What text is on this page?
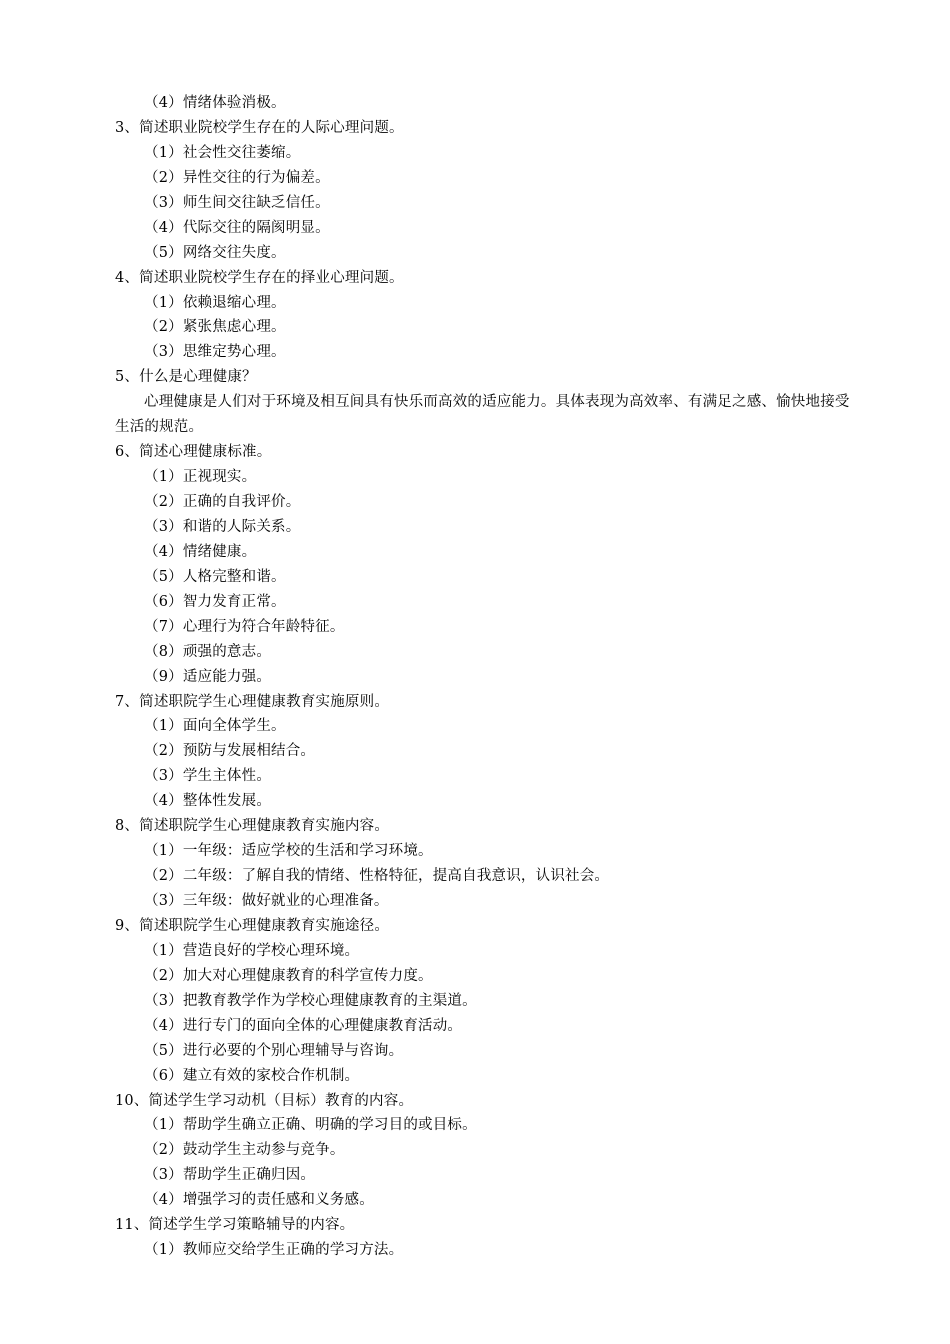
（4）情绪体验消极。
3、简述职业院校学生存在的人际心理问题。
（1）社会性交往萎缩。
（2）异性交往的行为偏差。
（3）师生间交往缺乏信任。
（4）代际交往的隔阂明显。
（5）网络交往失度。
4、简述职业院校学生存在的择业心理问题。
（1）依赖退缩心理。
（2）紧张焦虑心理。
（3）思维定势心理。
5、什么是心理健康？
心理健康是人们对于环境及相互间具有快乐而高效的适应能力。具体表现为高效率、有满足之感、愉快地接受生活的规范。
6、简述心理健康标准。
（1）正视现实。
（2）正确的自我评价。
（3）和谐的人际关系。
（4）情绪健康。
（5）人格完整和谐。
（6）智力发育正常。
（7）心理行为符合年龄特征。
（8）顽强的意志。
（9）适应能力强。
7、简述职院学生心理健康教育实施原则。
（1）面向全体学生。
（2）预防与发展相结合。
（3）学生主体性。
（4）整体性发展。
8、简述职院学生心理健康教育实施内容。
（1）一年级：适应学校的生活和学习环境。
（2）二年级：了解自我的情绪、性格特征，提高自我意识，认识社会。
（3）三年级：做好就业的心理准备。
9、简述职院学生心理健康教育实施途径。
（1）营造良好的学校心理环境。
（2）加大对心理健康教育的科学宣传力度。
（3）把教育教学作为学校心理健康教育的主渠道。
（4）进行专门的面向全体的心理健康教育活动。
（5）进行必要的个别心理辅导与咨询。
（6）建立有效的家校合作机制。
10、简述学生学习动机（目标）教育的内容。
（1）帮助学生确立正确、明确的学习目的或目标。
（2）鼓动学生主动参与竞争。
（3）帮助学生正确归因。
（4）增强学习的责任感和义务感。
11、简述学生学习策略辅导的内容。
（1）教师应交给学生正确的学习方法。
